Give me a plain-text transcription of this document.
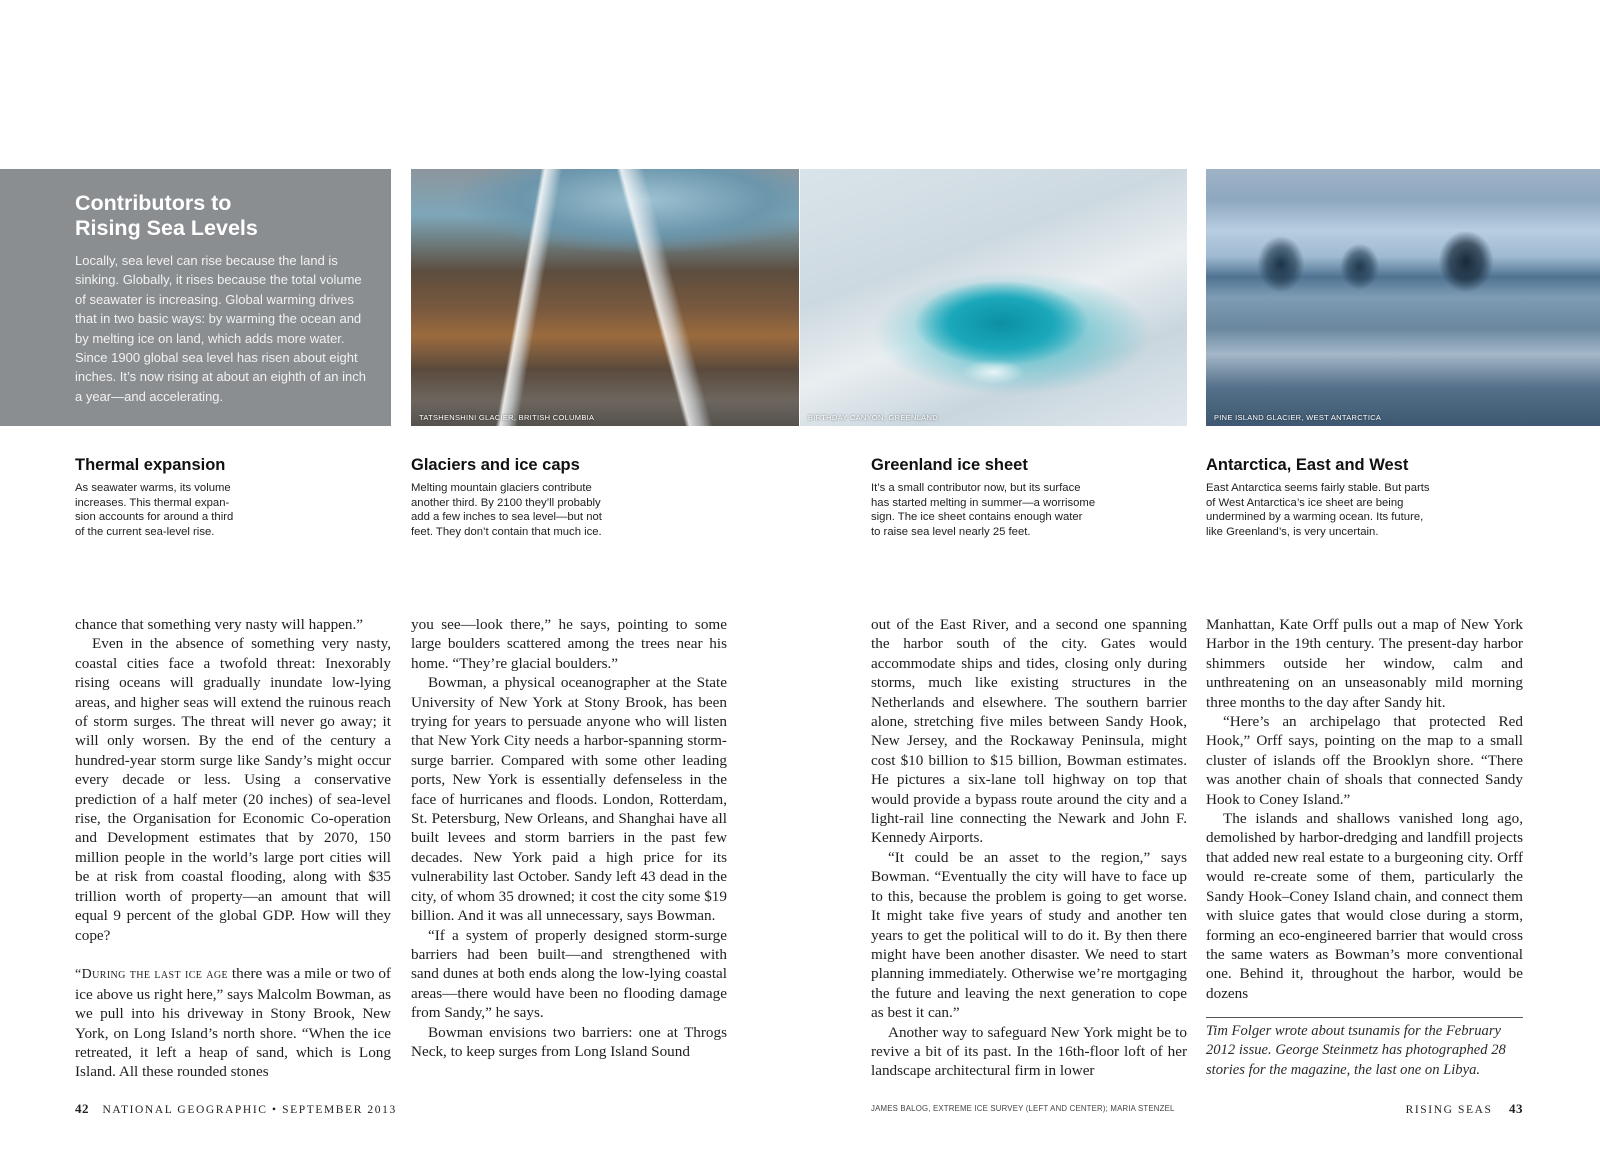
Contributors to
Rising Sea Levels

Locally, sea level can rise because the land is sinking. Globally, it rises because the total volume of seawater is increasing. Global warming drives that in two basic ways: by warming the ocean and by melting ice on land, which adds more water. Since 1900 global sea level has risen about eight inches. It’s now rising at about an eighth of an inch a year—and accelerating.

TATSHENSHINI GLACIER, BRITISH COLUMBIA	BIRTHDAY CANYON, GREENLAND	PINE ISLAND GLACIER, WEST ANTARCTICA
Thermal expansion

As seawater warms, its volume
increases. This thermal expan-
sion accounts for around a third
of the current sea-level rise.

Glaciers and ice caps

Melting mountain glaciers contribute
another third. By 2100 they’ll probably
add a few inches to sea level—but not
feet. They don’t contain that much ice.

Greenland ice sheet

It’s a small contributor now, but its surface
has started melting in summer—a worrisome
sign. The ice sheet contains enough water
to raise sea level nearly 25 feet.

Antarctica, East and West

East Antarctica seems fairly stable. But parts
of West Antarctica’s ice sheet are being
undermined by a warming ocean. Its future,
like Greenland’s, is very uncertain.

chance that something very nasty will happen.”

Even in the absence of something very nasty, coastal cities face a twofold threat: Inexorably rising oceans will gradually inundate low-lying areas, and higher seas will extend the ruinous reach of storm surges. The threat will never go away; it will only worsen. By the end of the century a hundred-year storm surge like Sandy’s might occur every decade or less. Using a conservative prediction of a half meter (20 inches) of sea-level rise, the Organisation for Economic Co-operation and Development estimates that by 2070, 150 million people in the world’s large port cities will be at risk from coastal flooding, along with $35 trillion worth of property—an amount that will equal 9 percent of the global GDP. How will they cope?

“During the last ice age there was a mile or two of ice above us right here,” says Malcolm Bowman, as we pull into his driveway in Stony Brook, New York, on Long Island’s north shore. “When the ice retreated, it left a heap of sand, which is Long Island. All these rounded stones

you see—look there,” he says, pointing to some large boulders scattered among the trees near his home. “They’re glacial boulders.”

Bowman, a physical oceanographer at the State University of New York at Stony Brook, has been trying for years to persuade anyone who will listen that New York City needs a harbor-spanning storm-surge barrier. Compared with some other leading ports, New York is essentially defenseless in the face of hurricanes and floods. London, Rotterdam, St. Petersburg, New Orleans, and Shanghai have all built levees and storm barriers in the past few decades. New York paid a high price for its vulnerability last October. Sandy left 43 dead in the city, of whom 35 drowned; it cost the city some $19 billion. And it was all unnecessary, says Bowman.

“If a system of properly designed storm-surge barriers had been built—and strengthened with sand dunes at both ends along the low-lying coastal areas—there would have been no flooding damage from Sandy,” he says.

Bowman envisions two barriers: one at Throgs Neck, to keep surges from Long Island Sound

out of the East River, and a second one spanning the harbor south of the city. Gates would accommodate ships and tides, closing only during storms, much like existing structures in the Netherlands and elsewhere. The southern barrier alone, stretching five miles between Sandy Hook, New Jersey, and the Rockaway Peninsula, might cost $10 billion to $15 billion, Bowman estimates. He pictures a six-lane toll highway on top that would provide a bypass route around the city and a light-rail line connecting the Newark and John F. Kennedy Airports.

“It could be an asset to the region,” says Bowman. “Eventually the city will have to face up to this, because the problem is going to get worse. It might take five years of study and another ten years to get the political will to do it. By then there might have been another disaster. We need to start planning immediately. Otherwise we’re mortgaging the future and leaving the next generation to cope as best it can.”

Another way to safeguard New York might be to revive a bit of its past. In the 16th-floor loft of her landscape architectural firm in lower

Manhattan, Kate Orff pulls out a map of New York Harbor in the 19th century. The present-day harbor shimmers outside her window, calm and unthreatening on an unseasonably mild morning three months to the day after Sandy hit.

“Here’s an archipelago that protected Red Hook,” Orff says, pointing on the map to a small cluster of islands off the Brooklyn shore. “There was another chain of shoals that connected Sandy Hook to Coney Island.”

The islands and shallows vanished long ago, demolished by harbor-dredging and landfill projects that added new real estate to a burgeoning city. Orff would re-create some of them, particularly the Sandy Hook–Coney Island chain, and connect them with sluice gates that would close during a storm, forming an eco-engineered barrier that would cross the same waters as Bowman’s more conventional one. Behind it, throughout the harbor, would be dozens

Tim Folger wrote about tsunamis for the February
2012 issue. George Steinmetz has photographed 28
stories for the magazine, the last one on Libya.

42 NATIONAL GEOGRAPHIC • SEPTEMBER 2013	JAMES BALOG, EXTREME ICE SURVEY (LEFT AND CENTER); MARIA STENZEL	RISING SEAS 43
